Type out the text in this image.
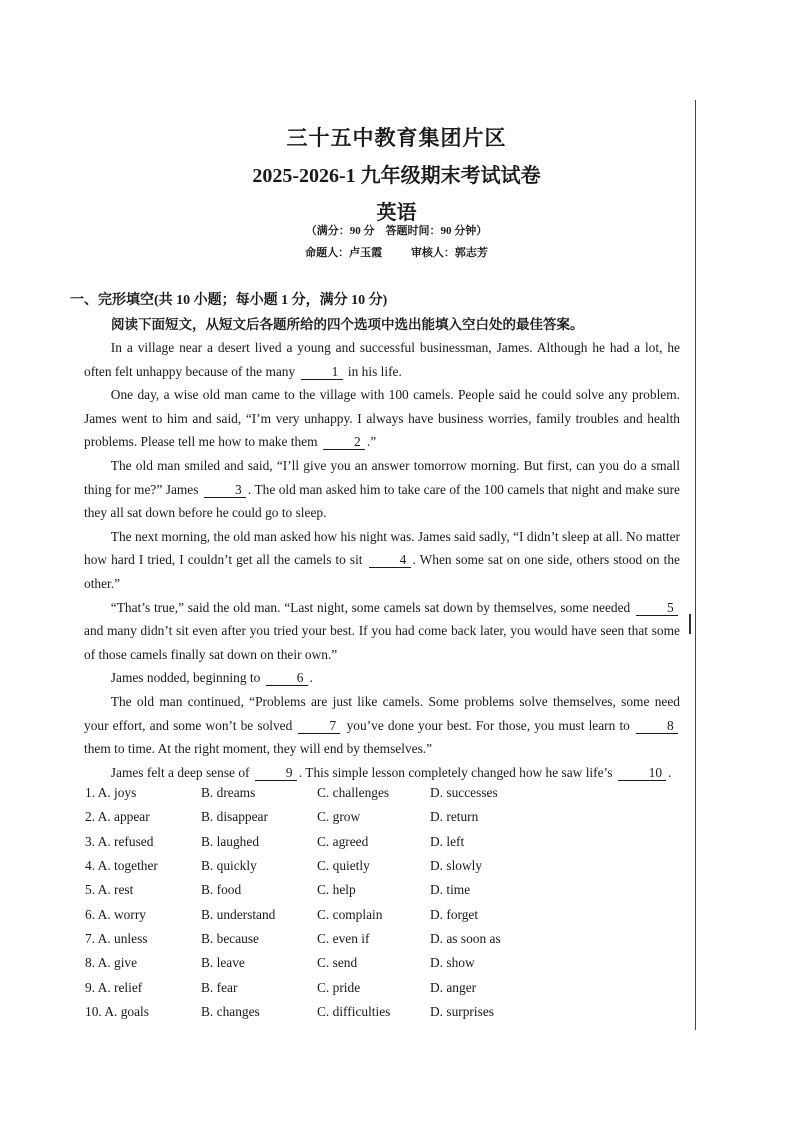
三十五中教育集团片区
2025-2026-1 九年级期末考试试卷
英语
（满分：90 分　答题时间：90 分钟）
命题人：卢玉霞	审核人：郭志芳
一、完形填空(共 10 小题；每小题 1 分，满分 10 分)
阅读下面短文，从短文后各题所给的四个选项中选出能填入空白处的最佳答案。

In a village near a desert lived a young and successful businessman, James. Although he had a lot, he often felt unhappy because of the many 1 in his life.

One day, a wise old man came to the village with 100 camels. People said he could solve any problem. James went to him and said, “I’m very unhappy. I always have business worries, family troubles and health problems. Please tell me how to make them 2 .”

The old man smiled and said, “I’ll give you an answer tomorrow morning. But first, can you do a small thing for me?” James 3 . The old man asked him to take care of the 100 camels that night and make sure they all sat down before he could go to sleep.

The next morning, the old man asked how his night was. James said sadly, “I didn’t sleep at all. No matter how hard I tried, I couldn’t get all the camels to sit 4 . When some sat on one side, others stood on the other.”

“That’s true,” said the old man. “Last night, some camels sat down by themselves, some needed 5 and many didn’t sit even after you tried your best. If you had come back later, you would have seen that some of those camels finally sat down on their own.”

James nodded, beginning to 6 .

The old man continued, “Problems are just like camels. Some problems solve themselves, some need your effort, and some won’t be solved 7 you’ve done your best. For those, you must learn to 8 them to time. At the right moment, they will end by themselves.”

James felt a deep sense of 9 . This simple lesson completely changed how he saw life’s 10 .

1. A. joys	B. dreams	C. challenges	D. successes
2. A. appear	B. disappear	C. grow	D. return
3. A. refused	B. laughed	C. agreed	D. left
4. A. together	B. quickly	C. quietly	D. slowly
5. A. rest	B. food	C. help	D. time
6. A. worry	B. understand	C. complain	D. forget
7. A. unless	B. because	C. even if	D. as soon as
8. A. give	B. leave	C. send	D. show
9. A. relief	B. fear	C. pride	D. anger
10. A. goals	B. changes	C. difficulties	D. surprises
